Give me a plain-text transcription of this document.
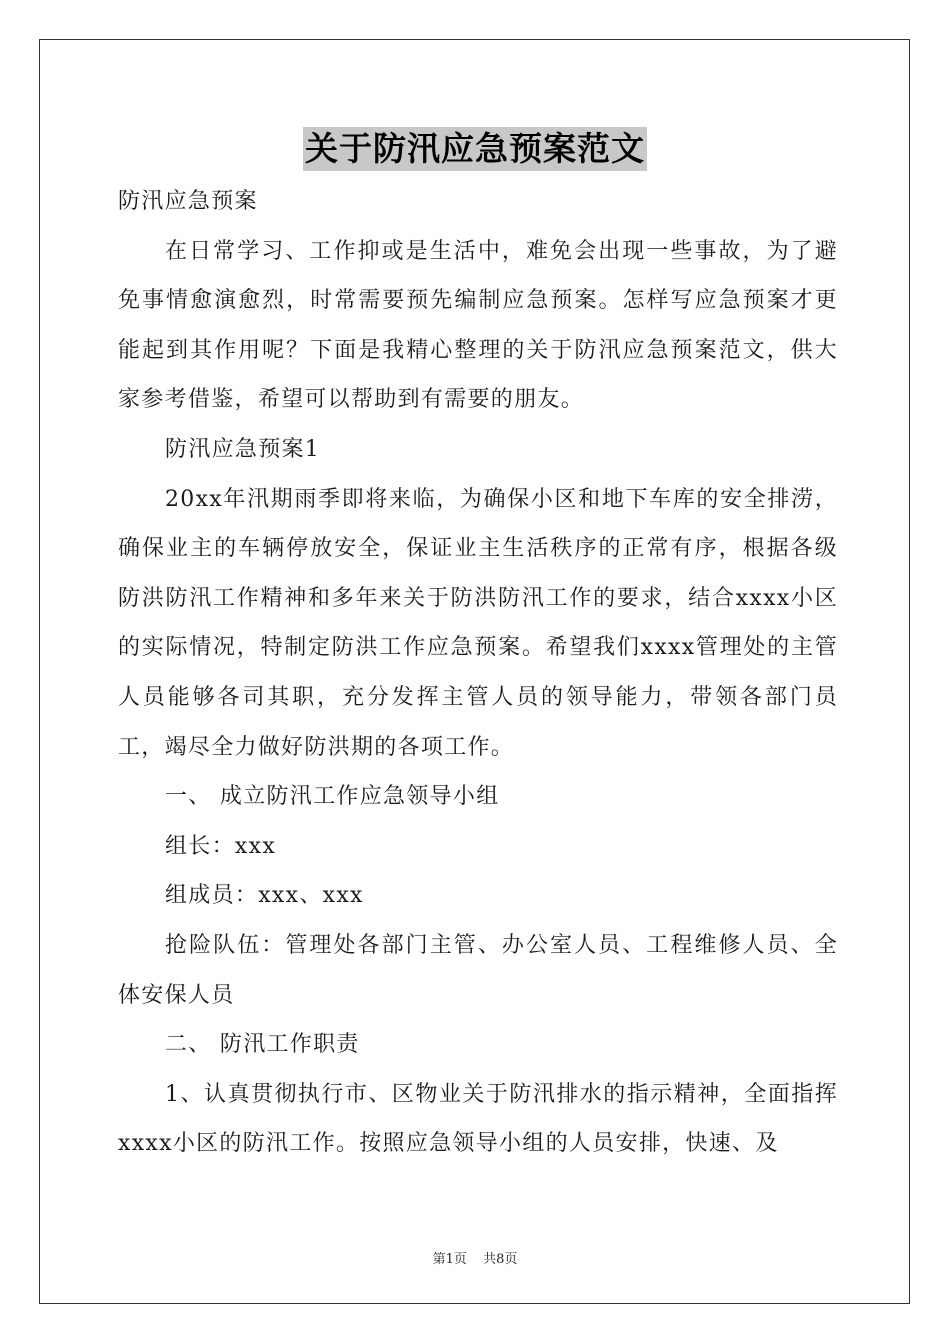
关于防汛应急预案范文

防汛应急预案

在日常学习、工作抑或是生活中，难免会出现一些事故，为了避免事情愈演愈烈，时常需要预先编制应急预案。怎样写应急预案才更能起到其作用呢？下面是我精心整理的关于防汛应急预案范文，供大家参考借鉴，希望可以帮助到有需要的朋友。

防汛应急预案1

20xx年汛期雨季即将来临，为确保小区和地下车库的安全排涝，确保业主的车辆停放安全，保证业主生活秩序的正常有序，根据各级防洪防汛工作精神和多年来关于防洪防汛工作的要求，结合xxxx小区的实际情况，特制定防洪工作应急预案。希望我们xxxx管理处的主管人员能够各司其职，充分发挥主管人员的领导能力，带领各部门员工，竭尽全力做好防洪期的各项工作。

一、 成立防汛工作应急领导小组

组长：xxx

组成员：xxx、xxx

抢险队伍：管理处各部门主管、办公室人员、工程维修人员、全体安保人员

二、 防汛工作职责

1、认真贯彻执行市、区物业关于防汛排水的指示精神，全面指挥xxxx小区的防汛工作。按照应急领导小组的人员安排，快速、及

第1页 共8页
